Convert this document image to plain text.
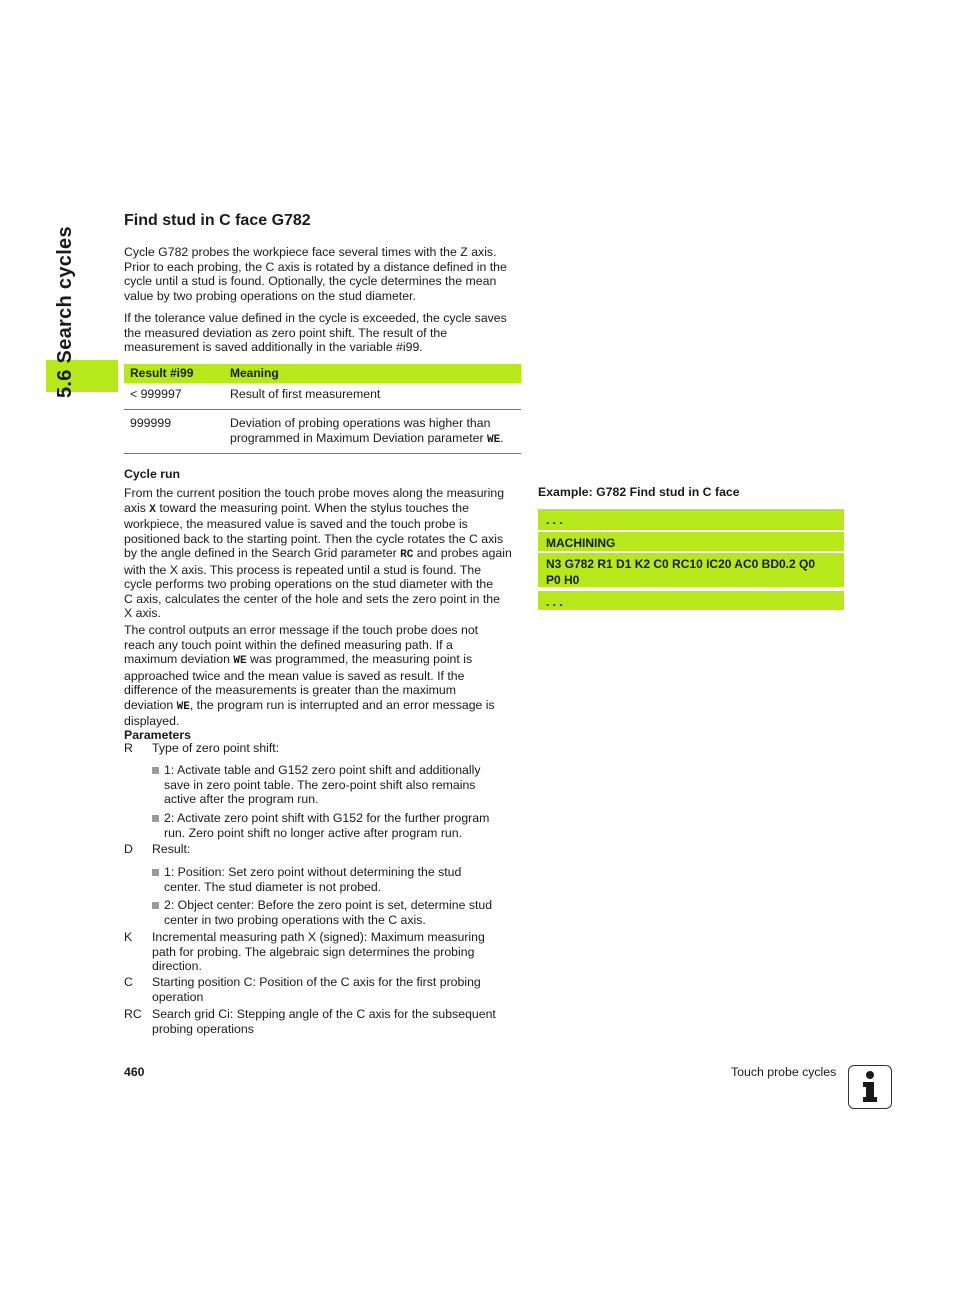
5.6 Search cycles
Find stud in C face G782
Cycle G782 probes the workpiece face several times with the Z axis.
Prior to each probing, the C axis is rotated by a distance defined in the
cycle until a stud is found. Optionally, the cycle determines the mean
value by two probing operations on the stud diameter.
If the tolerance value defined in the cycle is exceeded, the cycle saves
the measured deviation as zero point shift. The result of the
measurement is saved additionally in the variable #i99.
Result #i99	Meaning
< 999997	Result of first measurement
999999	Deviation of probing operations was higher than
programmed in Maximum Deviation parameter WE.
Cycle run
From the current position the touch probe moves along the measuring
axis X toward the measuring point. When the stylus touches the
workpiece, the measured value is saved and the touch probe is
positioned back to the starting point. Then the cycle rotates the C axis
by the angle defined in the Search Grid parameter RC and probes again
with the X axis. This process is repeated until a stud is found. The
cycle performs two probing operations on the stud diameter with the
C axis, calculates the center of the hole and sets the zero point in the
X axis.
The control outputs an error message if the touch probe does not
reach any touch point within the defined measuring path. If a
maximum deviation WE was programmed, the measuring point is
approached twice and the mean value is saved as result. If the
difference of the measurements is greater than the maximum
deviation WE, the program run is interrupted and an error message is
displayed.
Parameters
R Type of zero point shift:
1: Activate table and G152 zero point shift and additionally
save in zero point table. The zero-point shift also remains
active after the program run.
2: Activate zero point shift with G152 for the further program
run. Zero point shift no longer active after program run.
D Result:
1: Position: Set zero point without determining the stud
center. The stud diameter is not probed.
2: Object center: Before the zero point is set, determine stud
center in two probing operations with the C axis.
K Incremental measuring path X (signed): Maximum measuring
path for probing. The algebraic sign determines the probing
direction.
C Starting position C: Position of the C axis for the first probing
operation
RC Search grid Ci: Stepping angle of the C axis for the subsequent
probing operations
Example: G782 Find stud in C face
. . .
MACHINING
N3 G782 R1 D1 K2 C0 RC10 IC20 AC0 BD0.2 Q0
P0 H0
. . .
460	Touch probe cycles
